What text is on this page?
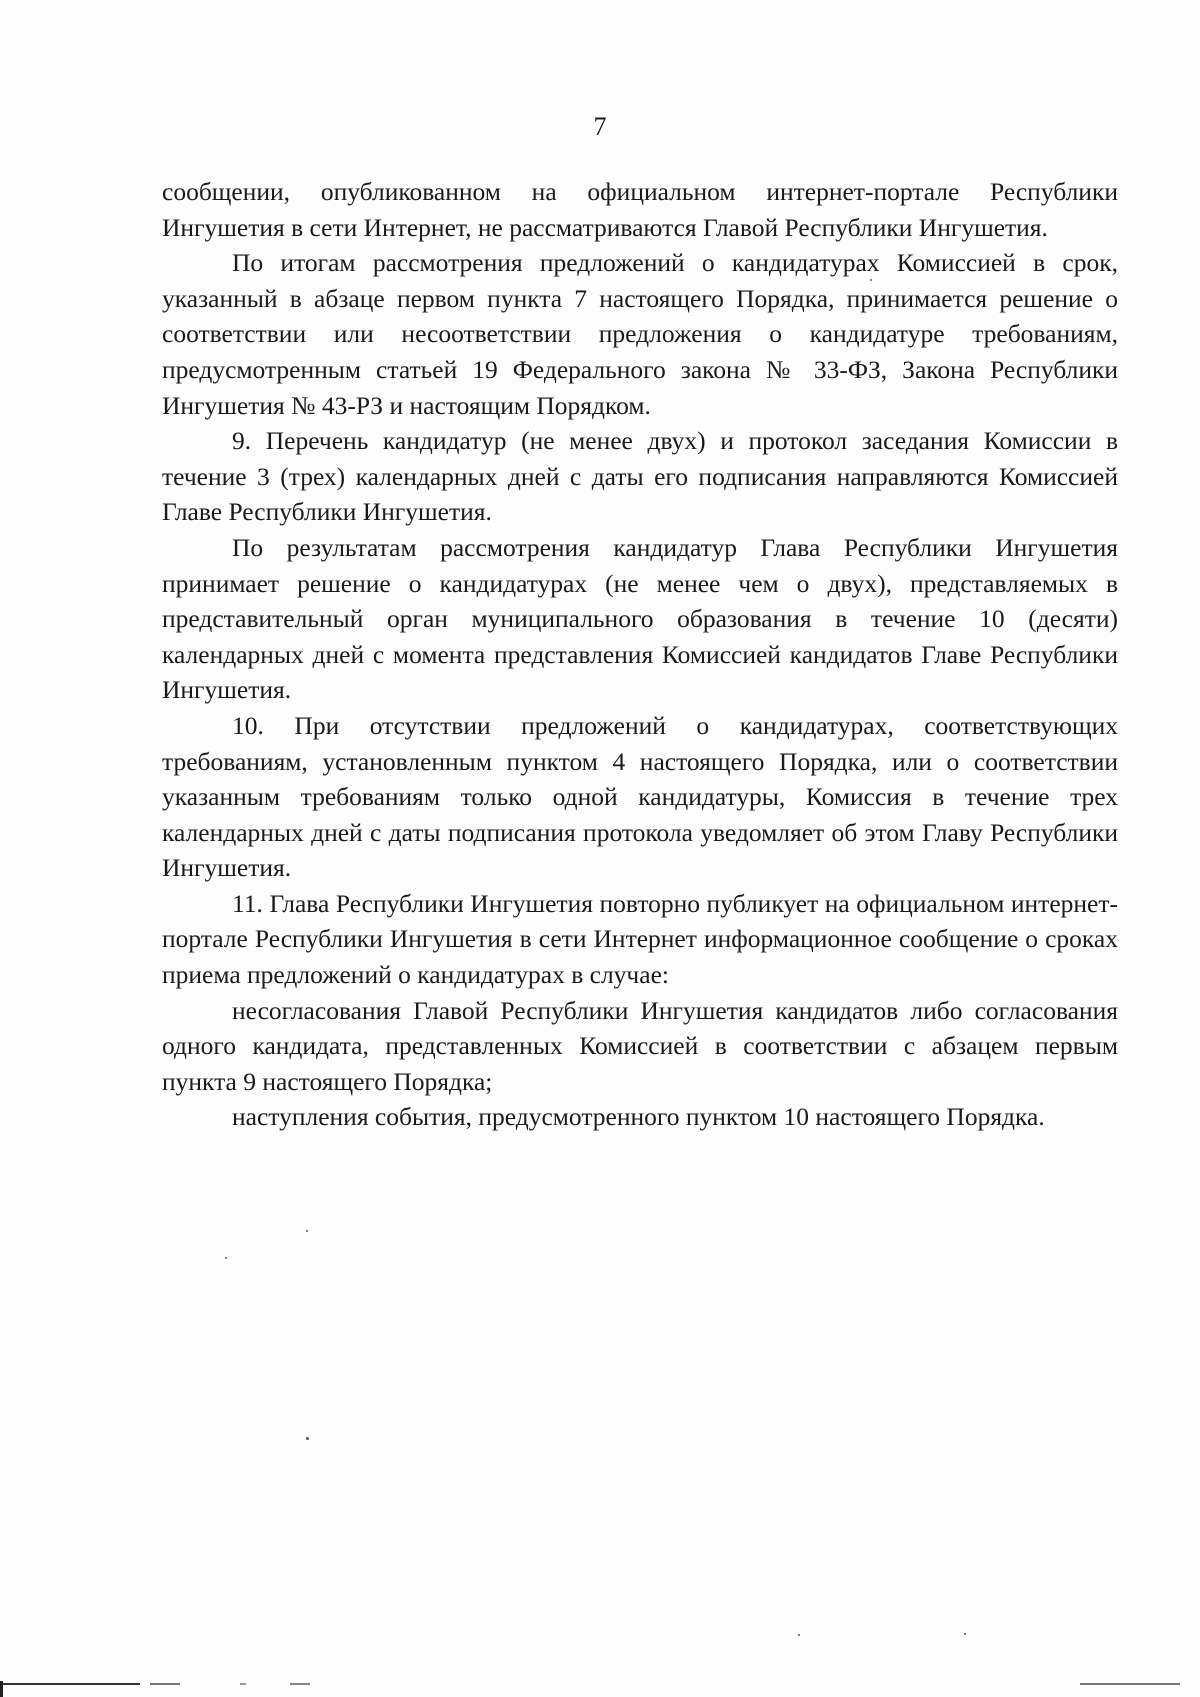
7

сообщении, опубликованном на официальном интернет-портале Республики Ингушетия в сети Интернет, не рассматриваются Главой Республики Ингушетия.

По итогам рассмотрения предложений о кандидатурах Комиссией в срок, указанный в абзаце первом пункта 7 настоящего Порядка, принимается решение о соответствии или несоответствии предложения о кандидатуре требованиям, предусмотренным статьей 19 Федерального закона № 33-ФЗ, Закона Республики Ингушетия № 43-РЗ и настоящим Порядком.

9. Перечень кандидатур (не менее двух) и протокол заседания Комиссии в течение 3 (трех) календарных дней с даты его подписания направляются Комиссией Главе Республики Ингушетия.

По результатам рассмотрения кандидатур Глава Республики Ингушетия принимает решение о кандидатурах (не менее чем о двух), представляемых в представительный орган муниципального образования в течение 10 (десяти) календарных дней с момента представления Комиссией кандидатов Главе Республики Ингушетия.

10. При отсутствии предложений о кандидатурах, соответствующих требованиям, установленным пунктом 4 настоящего Порядка, или о соответствии указанным требованиям только одной кандидатуры, Комиссия в течение трех календарных дней с даты подписания протокола уведомляет об этом Главу Республики Ингушетия.

11. Глава Республики Ингушетия повторно публикует на официальном интернет-портале Республики Ингушетия в сети Интернет информационное сообщение о сроках приема предложений о кандидатурах в случае:

несогласования Главой Республики Ингушетия кандидатов либо согласования одного кандидата, представленных Комиссией в соответствии с абзацем первым пункта 9 настоящего Порядка;

наступления события, предусмотренного пунктом 10 настоящего Порядка.
